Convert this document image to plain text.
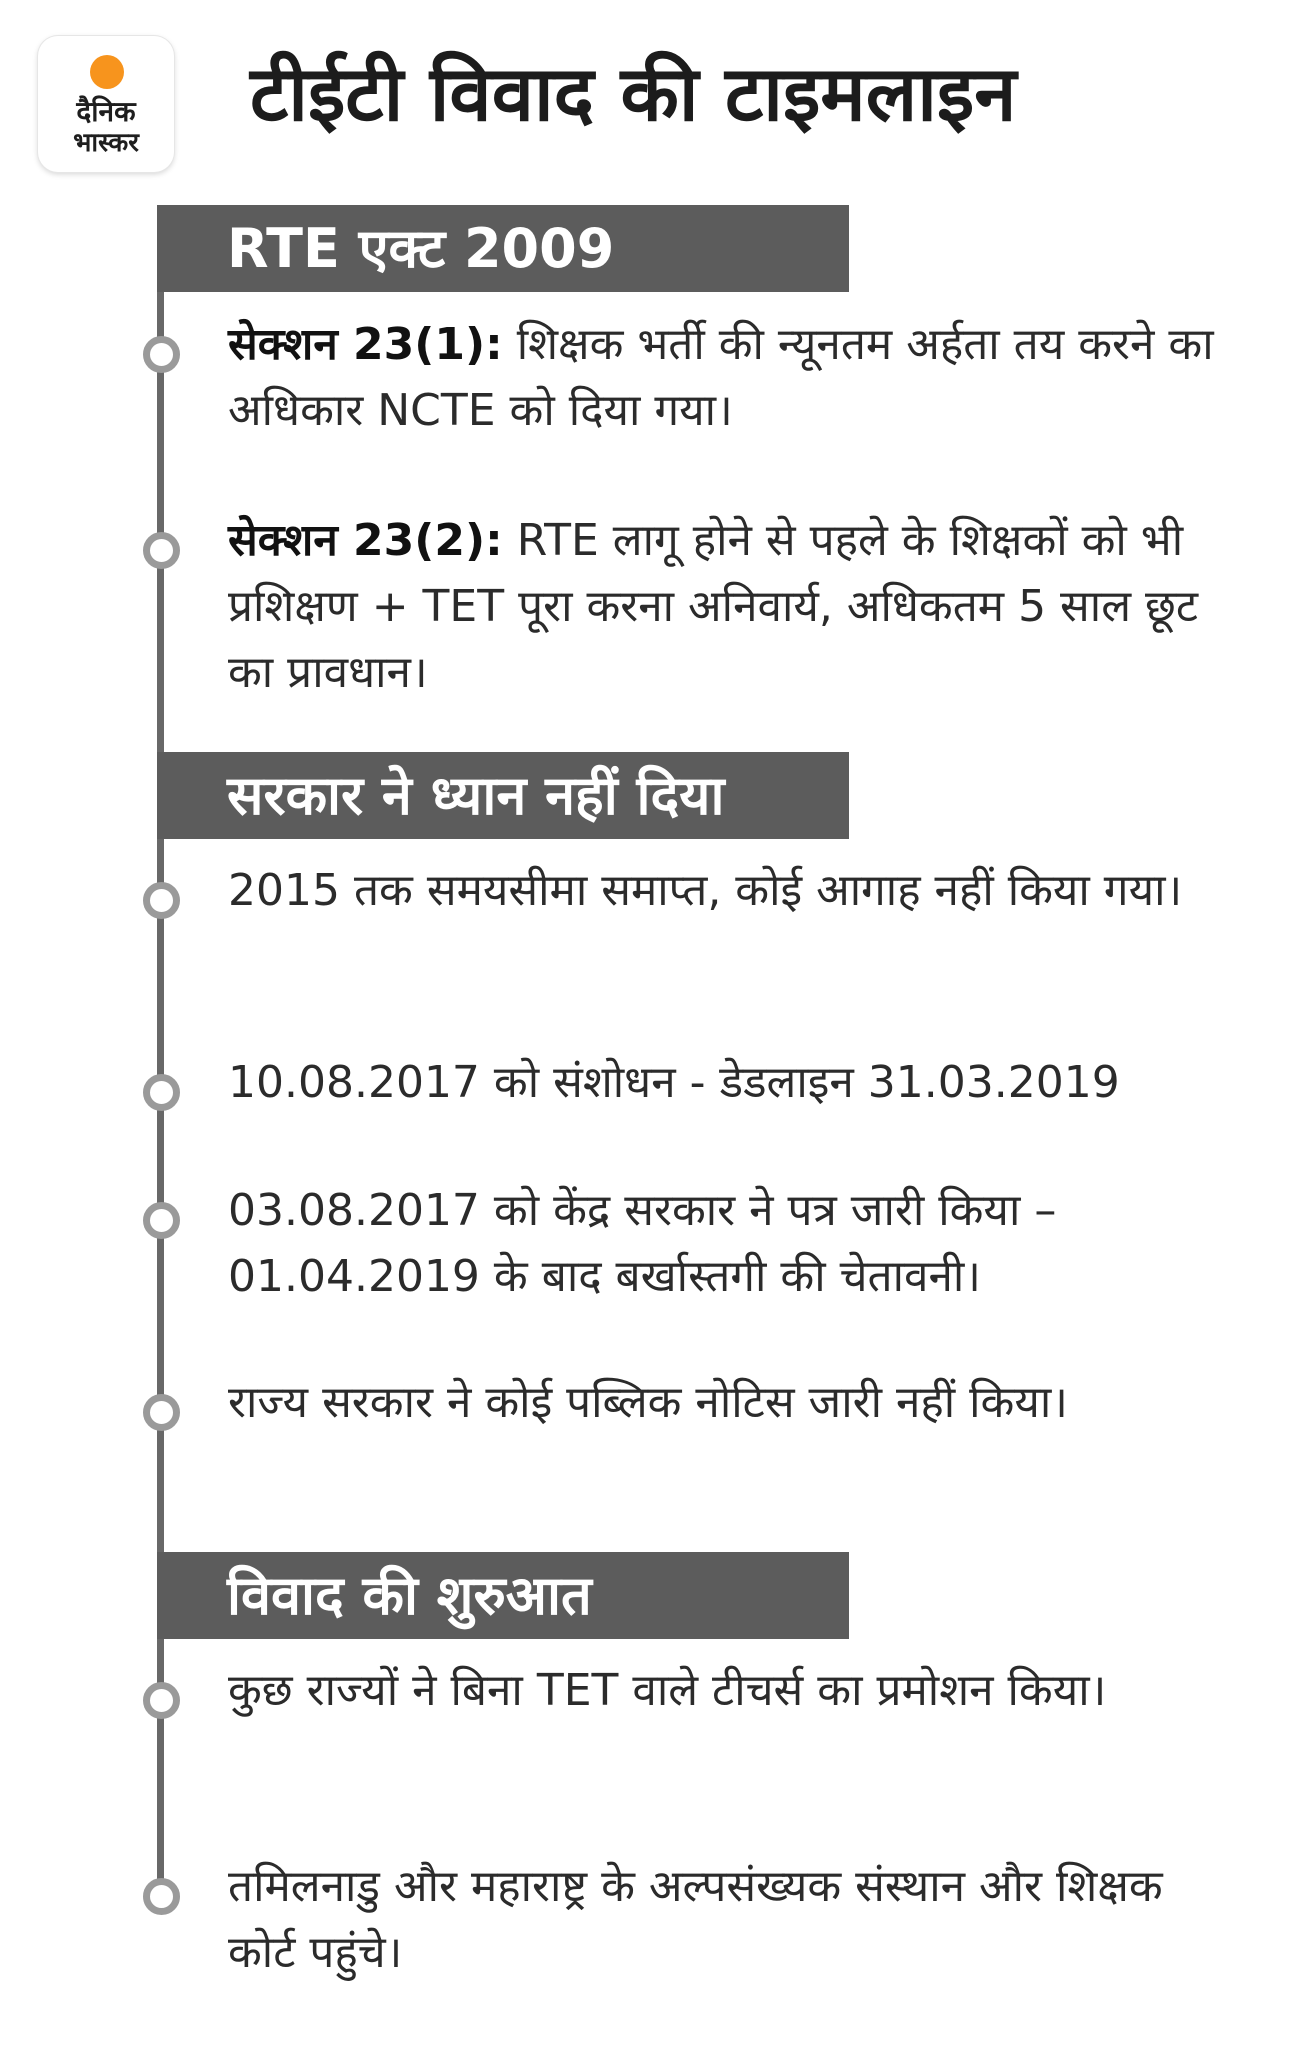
दैनिक
भास्कर
टीईटी विवाद की टाइमलाइन
RTE एक्ट 2009

सेक्शन 23(1): शिक्षक भर्ती की न्यूनतम अर्हता तय करने का अधिकार NCTE को दिया गया।

सेक्शन 23(2): RTE लागू होने से पहले के शिक्षकों को भी प्रशिक्षण + TET पूरा करना अनिवार्य, अधिकतम 5 साल छूट का प्रावधान।

सरकार ने ध्यान नहीं दिया

2015 तक समयसीमा समाप्त, कोई आगाह नहीं किया गया।

10.08.2017 को संशोधन - डेडलाइन 31.03.2019

03.08.2017 को केंद्र सरकार ने पत्र जारी किया – 01.04.2019 के बाद बर्खास्तगी की चेतावनी।

राज्य सरकार ने कोई पब्लिक नोटिस जारी नहीं किया।

विवाद की शुरुआत

कुछ राज्यों ने बिना TET वाले टीचर्स का प्रमोशन किया।

तमिलनाडु और महाराष्ट्र के अल्पसंख्यक संस्थान और शिक्षक कोर्ट पहुंचे।
